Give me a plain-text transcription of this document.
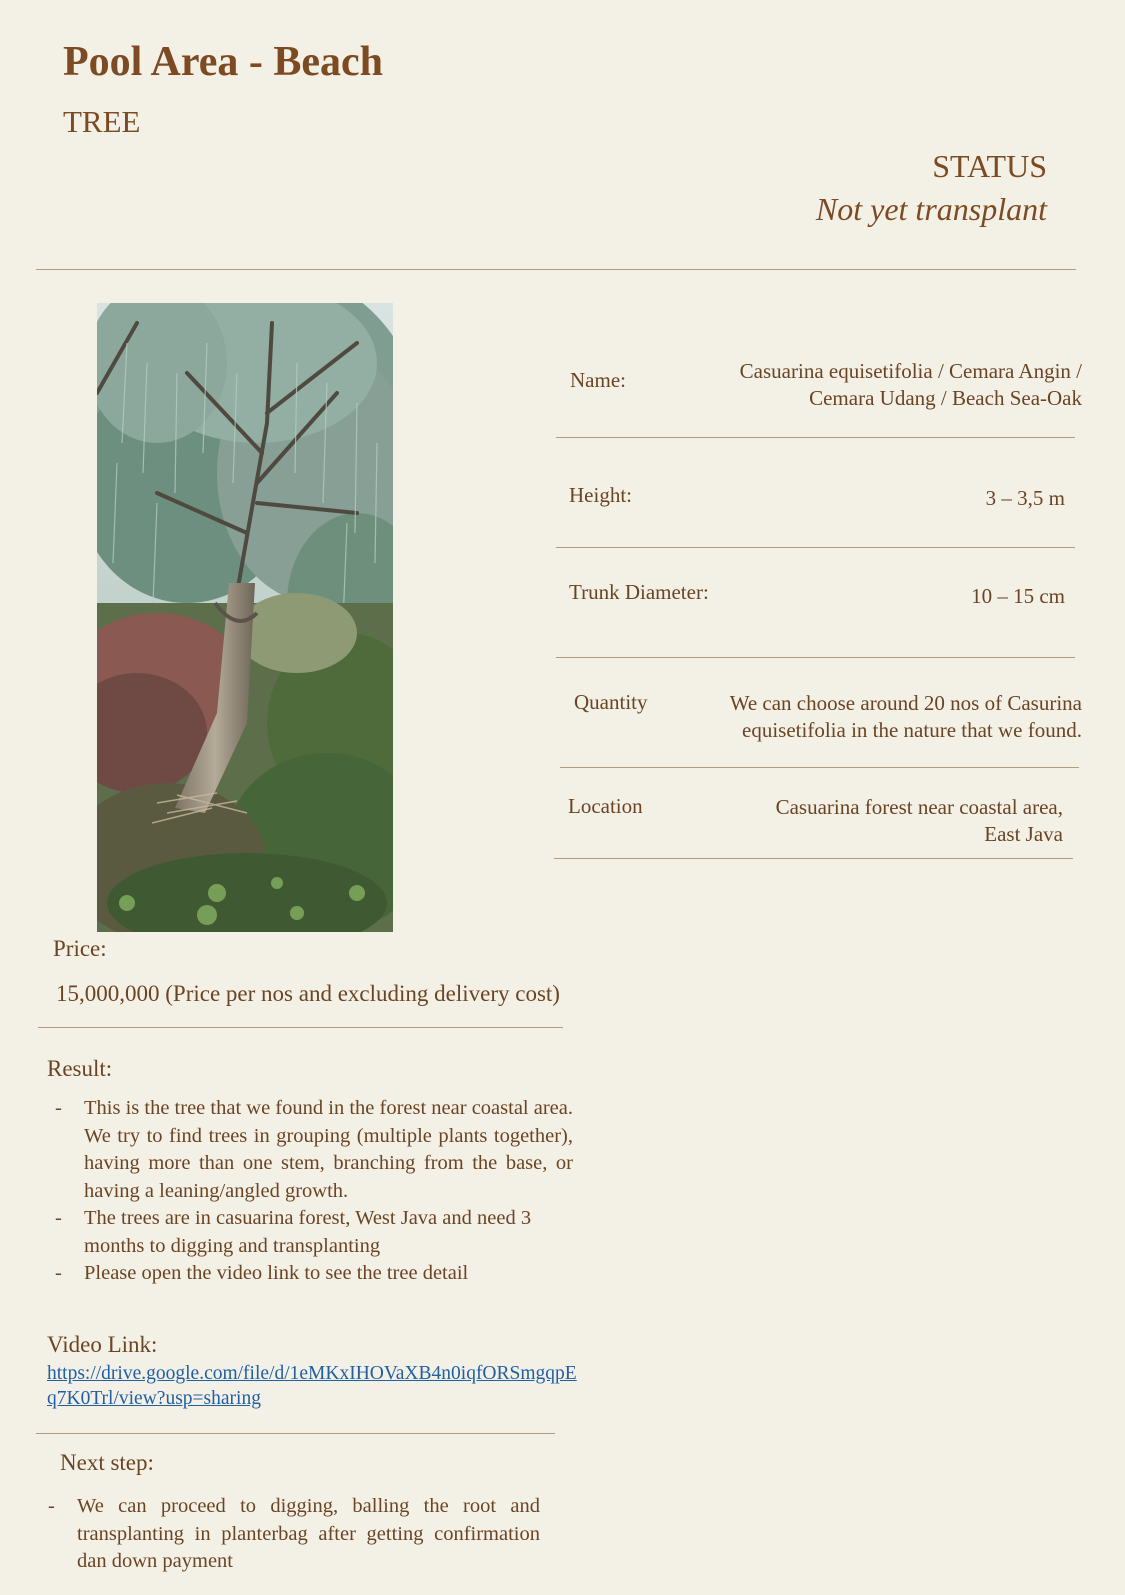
Pool Area - Beach
TREE
STATUS
Not yet transplant
Name:	Casuarina equisetifolia / Cemara Angin /
Cemara Udang / Beach Sea-Oak
Height:	3 – 3,5 m
Trunk Diameter:	10 – 15 cm
Quantity	We can choose around 20 nos of Casurina
equisetifolia in the nature that we found.
Location	Casuarina forest near coastal area,
East Java
Price:
15,000,000 (Price per nos and excluding delivery cost)
Result:
- This is the tree that we found in the forest near coastal area. We try to find trees in grouping (multiple plants together), having more than one stem, branching from the base, or having a leaning/angled growth.
- The trees are in casuarina forest, West Java and need 3 months to digging and transplanting
- Please open the video link to see the tree detail
Video Link:
https://drive.google.com/file/d/1eMKxIHOVaXB4n0iqfORSmgqpEq7K0Trl/view?usp=sharing
Next step:
- We can proceed to digging, balling the root and transplanting in planterbag after getting confirmation dan down payment
